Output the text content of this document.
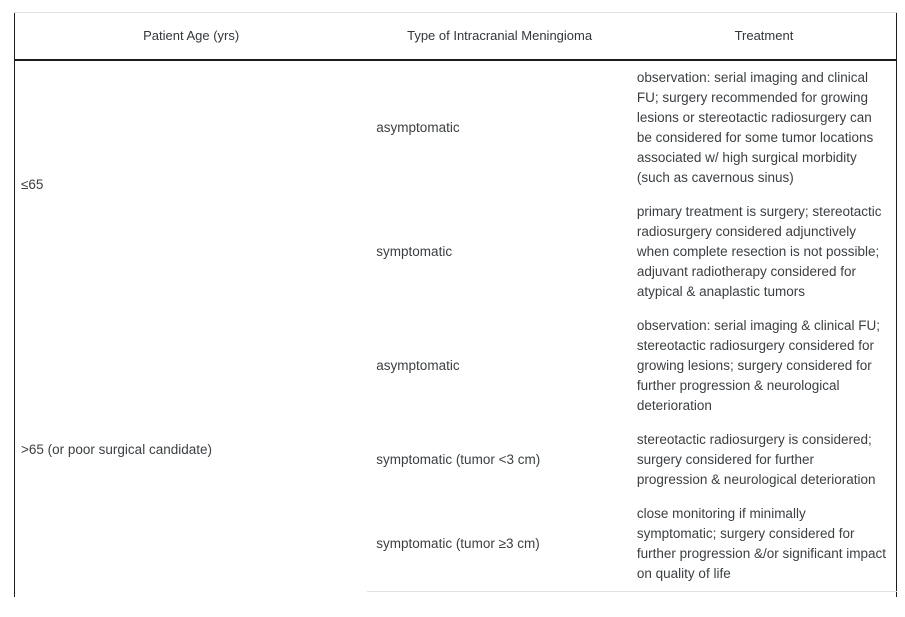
Patient Age (yrs)	Type of Intracranial Meningioma	Treatment
≤65	asymptomatic	observation: serial imaging and clinical FU; surgery recommended for growing lesions or stereotactic radiosurgery can be considered for some tumor locations associated w/ high surgical morbidity (such as cavernous sinus)
	symptomatic	primary treatment is surgery; stereotactic radiosurgery considered adjunctively when complete resection is not possible; adjuvant radiotherapy considered for atypical & anaplastic tumors
>65 (or poor surgical candidate)	asymptomatic	observation: serial imaging & clinical FU; stereotactic radiosurgery considered for growing lesions; surgery considered for further progression & neurological deterioration
	symptomatic (tumor <3 cm)	stereotactic radiosurgery is considered; surgery considered for further progression & neurological deterioration
	symptomatic (tumor ≥3 cm)	close monitoring if minimally symptomatic; surgery considered for further progression &/or significant impact on quality of life
